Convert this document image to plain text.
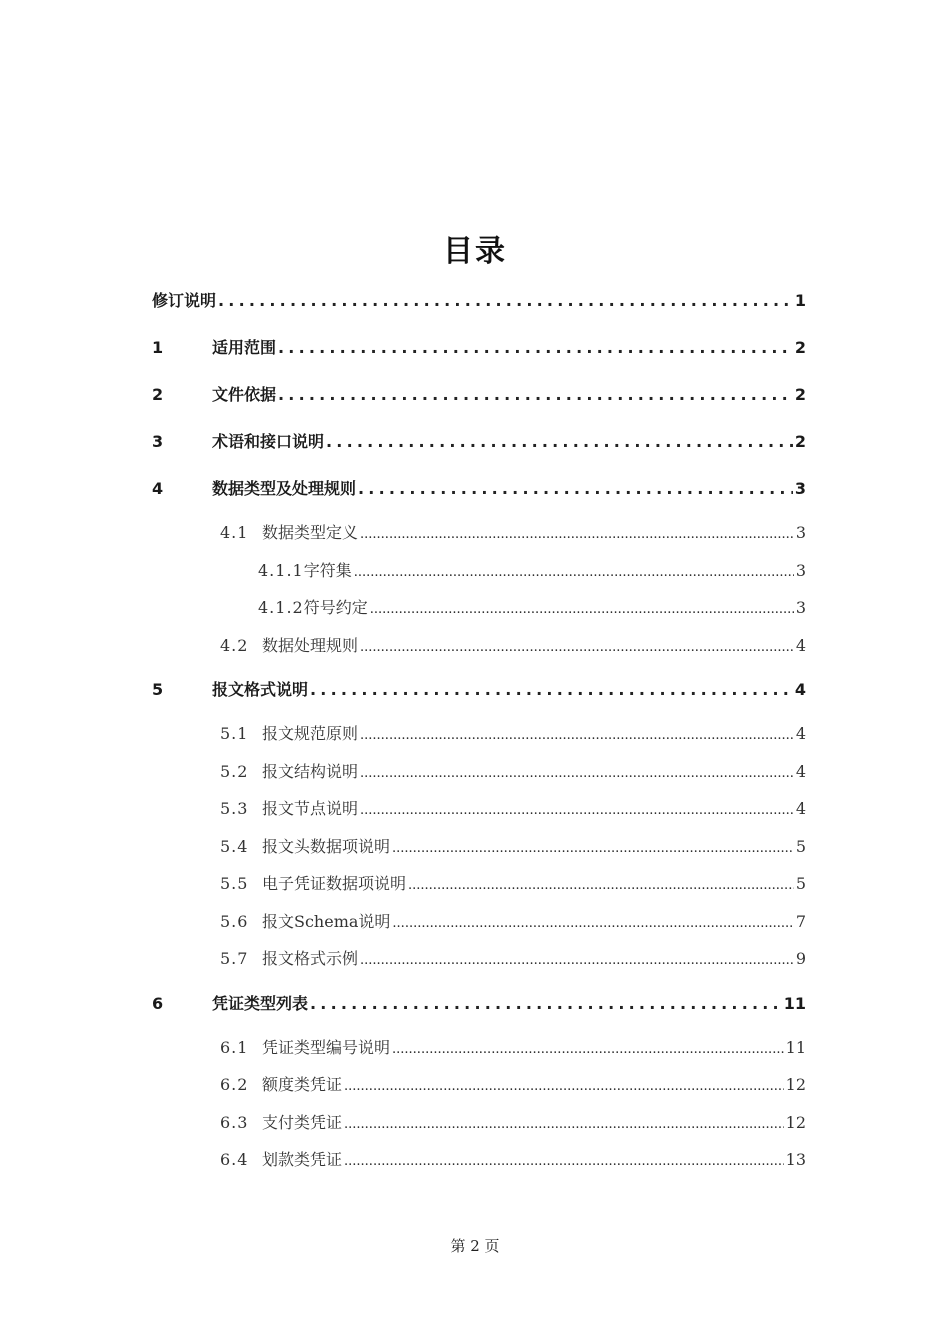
目录
修订说明 .....	1
1	适用范围 .....	2
2	文件依据 .....	2
3	术语和接口说明 .....	2
4	数据类型及处理规则 .....	3
4.1 数据类型定义 .....	3
4.1.1 字符集 .....	3
4.1.2 符号约定 .....	3
4.2 数据处理规则 .....	4
5	报文格式说明 .....	4
5.1 报文规范原则 .....	4
5.2 报文结构说明 .....	4
5.3 报文节点说明 .....	4
5.4 报文头数据项说明 .....	5
5.5 电子凭证数据项说明 .....	5
5.6 报文Schema说明 .....	7
5.7 报文格式示例 .....	9
6	凭证类型列表 .....	11
6.1 凭证类型编号说明 .....	11
6.2 额度类凭证 .....	12
6.3 支付类凭证 .....	12
6.4 划款类凭证 .....	13
第 2 页
